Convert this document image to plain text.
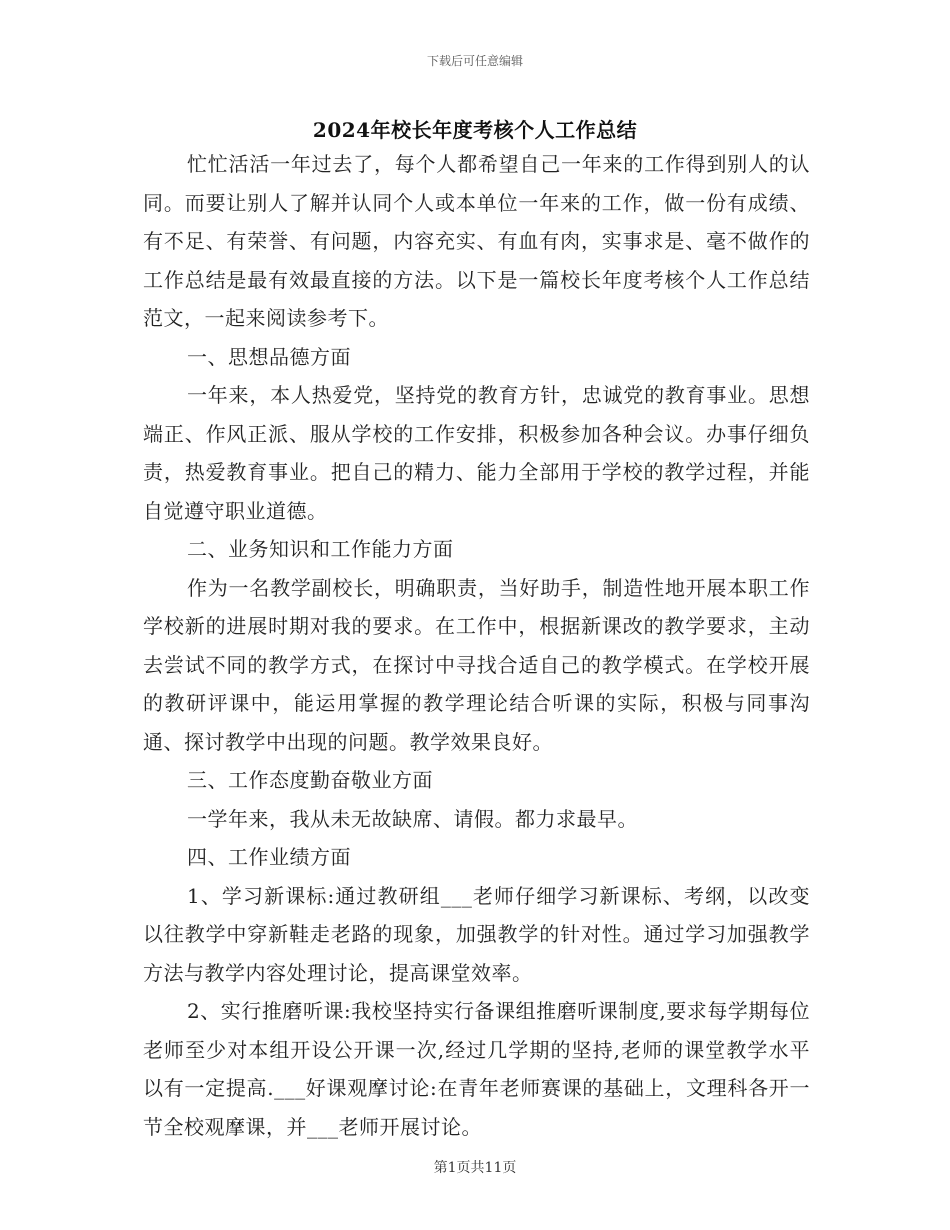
下载后可任意编辑
2024年校长年度考核个人工作总结

忙忙活活一年过去了，每个人都希望自己一年来的工作得到别人的认同。而要让别人了解并认同个人或本单位一年来的工作，做一份有成绩、有不足、有荣誉、有问题，内容充实、有血有肉，实事求是、毫不做作的工作总结是最有效最直接的方法。以下是一篇校长年度考核个人工作总结范文，一起来阅读参考下。

一、思想品德方面

一年来，本人热爱党，坚持党的教育方针，忠诚党的教育事业。思想端正、作风正派、服从学校的工作安排，积极参加各种会议。办事仔细负责，热爱教育事业。把自己的精力、能力全部用于学校的教学过程，并能自觉遵守职业道德。

二、业务知识和工作能力方面

作为一名教学副校长，明确职责，当好助手，制造性地开展本职工作学校新的进展时期对我的要求。在工作中，根据新课改的教学要求，主动去尝试不同的教学方式，在探讨中寻找合适自己的教学模式。在学校开展的教研评课中，能运用掌握的教学理论结合听课的实际，积极与同事沟通、探讨教学中出现的问题。教学效果良好。

三、工作态度勤奋敬业方面

一学年来，我从未无故缺席、请假。都力求最早。

四、工作业绩方面

1、学习新课标:通过教研组___老师仔细学习新课标、考纲，以改变以往教学中穿新鞋走老路的现象，加强教学的针对性。通过学习加强教学方法与教学内容处理讨论，提高课堂效率。

2、实行推磨听课:我校坚持实行备课组推磨听课制度,要求每学期每位老师至少对本组开设公开课一次,经过几学期的坚持,老师的课堂教学水平以有一定提高.___好课观摩讨论:在青年老师赛课的基础上，文理科各开一节全校观摩课，并___老师开展讨论。

第1页共11页
